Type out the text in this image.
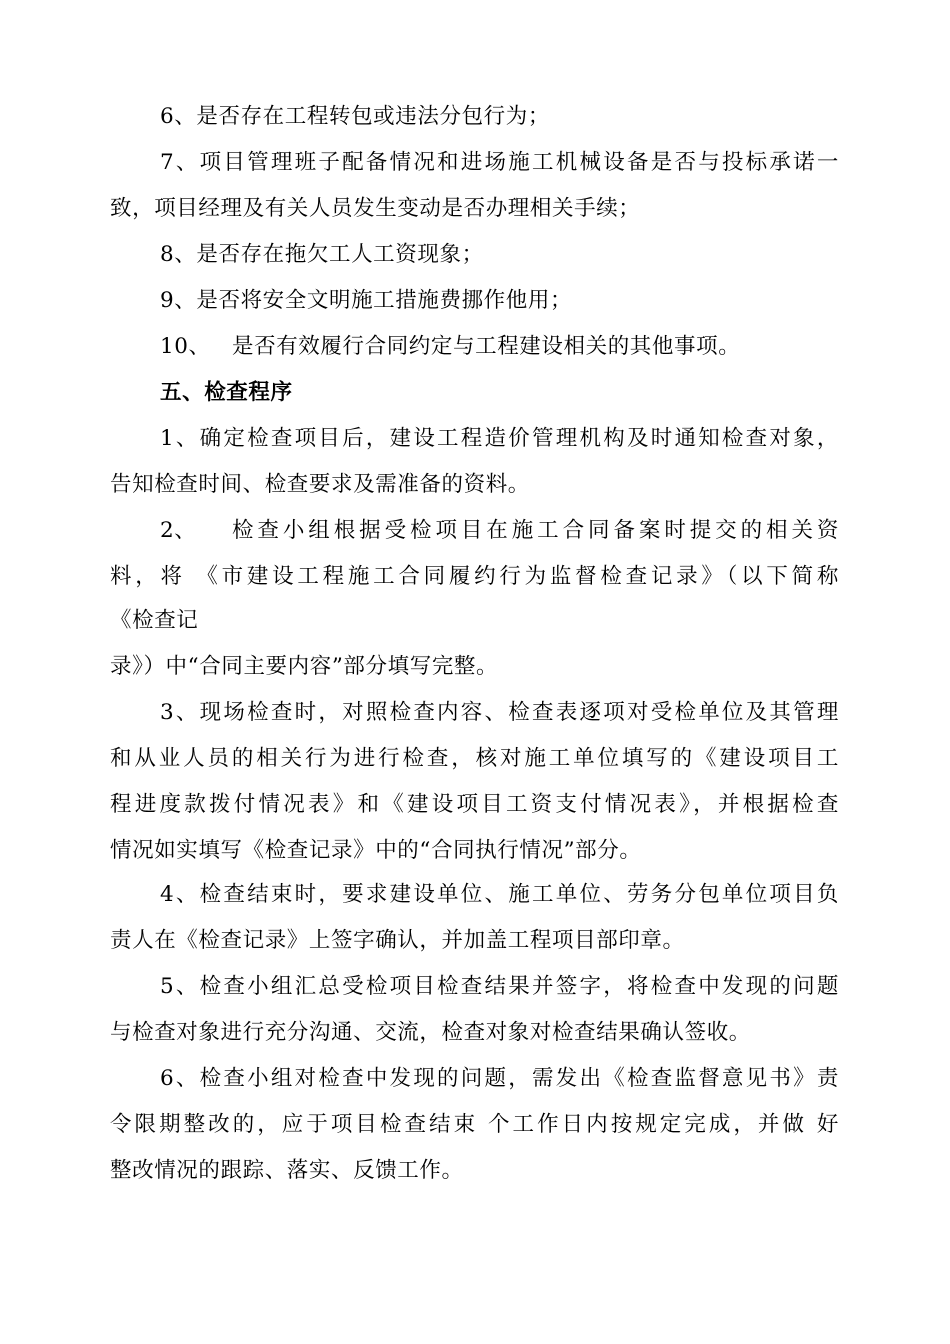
6、是否存在工程转包或违法分包行为；
7、项目管理班子配备情况和进场施工机械设备是否与投标承诺一
致，项目经理及有关人员发生变动是否办理相关手续；
8、是否存在拖欠工人工资现象；
9、是否将安全文明施工措施费挪作他用；
10、 是否有效履行合同约定与工程建设相关的其他事项。
五、检查程序
1、确定检查项目后，建设工程造价管理机构及时通知检查对象，
告知检查时间、检查要求及需准备的资料。
2、 检查小组根据受检项目在施工合同备案时提交的相关资
料，将 《市建设工程施工合同履约行为监督检查记录》（以下简称
《检查记
录》）中“合同主要内容”部分填写完整。
3、现场检查时，对照检查内容、检查表逐项对受检单位及其管理
和从业人员的相关行为进行检查，核对施工单位填写的《建设项目工
程进度款拨付情况表》和《建设项目工资支付情况表》，并根据检查
情况如实填写《检查记录》中的“合同执行情况”部分。
4、检查结束时，要求建设单位、施工单位、劳务分包单位项目负
责人在《检查记录》上签字确认，并加盖工程项目部印章。
5、检查小组汇总受检项目检查结果并签字，将检查中发现的问题
与检查对象进行充分沟通、交流，检查对象对检查结果确认签收。
6、检查小组对检查中发现的问题，需发出《检查监督意见书》责
令限期整改的，应于项目检查结束 个工作日内按规定完成，并做 好
整改情况的跟踪、落实、反馈工作。
